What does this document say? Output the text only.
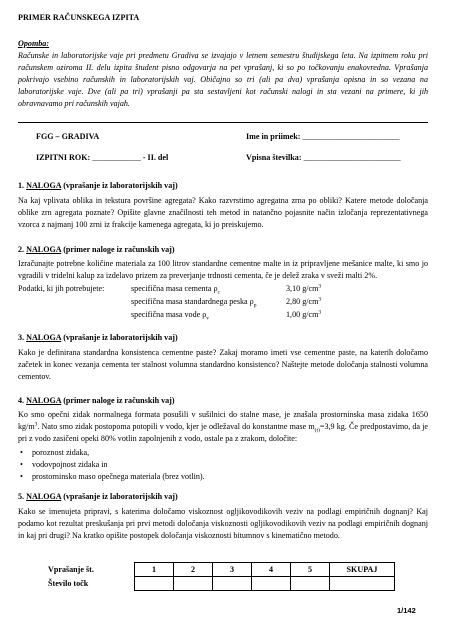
PRIMER RAČUNSKEGA IZPITA
Opomba:
Računske in laboratorijske vaje pri predmetu Gradiva se izvajajo v letnem semestru študijskega leta. Na izpitnem roku pri računskem oziroma II. delu izpita študent pisno odgovarja na pet vprašanj, ki so po točkovanju enakovredna. Vprašanja pokrivajo vsebino računskih in laboratorijskih vaj. Običajno so tri (ali pa dva) vprašanja opisna in so vezana na laboratorijske vaje. Dve (ali pa tri) vprašanji pa sta sestavljeni kot računski nalogi in sta vezani na primere, ki jih obravnavamo pri računskih vajah.
FGG – GRADIVA	Ime in priimek: ________________________
IZPITNI ROK: ____________ - II. del	Vpisna številka: ________________________
1. NALOGA (vprašanje iz laboratorijskih vaj)
Na kaj vplivata oblika in tekstura površine agregata? Kako razvrstimo agregatna zrna po obliki? Katere metode določanja oblike zrn agregata poznate? Opišite glavne značilnosti teh metod in natančno pojasnite način izločanja reprezentativnega vzorca z najmanj 100 zrni iz frakcije kamenega agregata, ki jo preiskujemo.
2. NALOGA (primer naloge iz računskih vaj)
Izračunajte potrebne količine materiala za 100 litrov standardne cementne malte in iz pripravljene mešanice malte, ki smo jo vgradili v tridelni kalup za izdelavo prizem za preverjanje trdnosti cementa, če je delež zraka v sveži malti 2%.
Podatki, ki jih potrebujete:	specifična masa cementa $\rho_c$	3,10 $g/cm^3$
specifična masa standardnega peska $\rho_p$	2,80 $g/cm^3$
specifična masa vode $\rho_v$	1,00 $g/cm^3$
3. NALOGA (vprašanje iz laboratorijskih vaj)
Kako je definirana standardna konsistenca cementne paste? Zakaj moramo imeti vse cementne paste, na katerih določamo začetek in konec vezanja cementa ter stalnost volumna standardno konsistenco? Naštejte metode določanja stalnosti volumna cementov.
4. NALOGA (primer naloge iz računskih vaj)
Ko smo opečni zidak normalnega formata posušili v sušilnici do stalne mase, je znašala prostorninska masa zidaka 1650 $kg/m^3$. Nato smo zidak postopoma potopili v vodo, kjer je odležaval do konstantne mase $m_{(t)}=3,9$ kg. Če predpostavimo, da je pri z vodo zasičeni opeki 80% votlin zapolnjenih z vodo, ostale pa z zrakom, določite:
• poroznost zidaka,
• vodovpojnost zidaka in
• prostorninsko maso opečnega materiala (brez votlin).
5. NALOGA (vprašanje iz laboratorijskih vaj)
Kako se imenujeta pripravi, s katerima določamo viskoznost ogljikovodikovih veziv na podlagi empiričnih dognanj? Kaj podamo kot rezultat preskušanja pri prvi metodi določanja viskoznosti ogljikovodikovih veziv na podlagi empiričnih dognanj in kaj pri drugi? Na kratko opišite postopek določanja viskoznosti bitumnov s kinematično metodo.
Vprašanje št.	1	2	3	4	5	SKUPAJ
Število točk						
1/142
